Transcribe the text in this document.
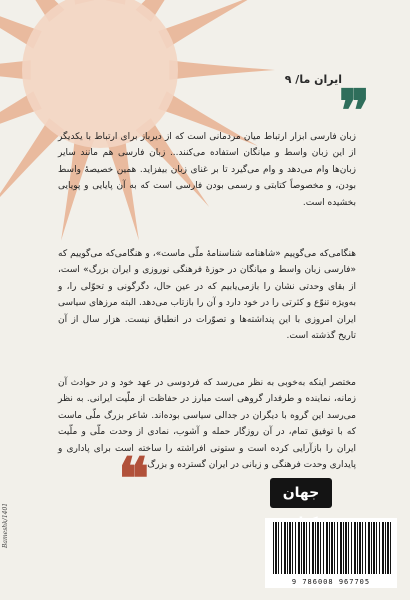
ایران ما/ ۹
❞

زبان فارسی ابزار ارتباط میان مردمانی است که از دیرباز برای ارتباط با یکدیگر از این زبان واسط و میانگان استفاده می‌کنند... زبان فارسی هم مانند سایر زبان‌ها وام می‌دهد و وام می‌گیرد تا بر غنای زبان بیفزاید. همین خصیصهٔ واسط بودن، و مخصوصاً کتابتی و رسمی بودن فارسی است که به آن پایایی و پویایی بخشیده است.

هنگامی‌که می‌گوییم «شاهنامه شناسنامهٔ ملّی ماست»، و هنگامی‌که می‌گوییم که «فارسی زبان واسط و میانگان در حوزهٔ فرهنگی نوروزی و ایران بزرگ» است، از بقای وحدتی نشان را بازمی‌یابیم که در عین حال، دگرگونی و تحوّلی را، و به‌ویژه تنوّع و کثرتی را در خود دارد و آن را بازتاب می‌دهد. البته مرزهای سیاسی ایران امروزی با این پنداشته‌ها و تصوّرات در انطباق نیست. هزار سال از آن تاریخ گذشته است.

مختصر اینکه به‌خوبی به نظر می‌رسد که فردوسی در عهد خود و در حوادث آن زمانه، نماینده و طرفدار گروهی است مبارز در حفاظت از ملّیت ایرانی. به نظر می‌رسد این گروه با دیگران در جدالی سیاسی بوده‌اند. شاعر بزرگ ملّی ماست که با توفیق تمام، در آن روزگار حمله و آشوب، نمادی از وحدت ملّی و ملّیت ایران را بازآرایی کرده است و ستونی افراشته را ساخته است برای پاداری و پایداری وحدت فرهنگی و زبانی در ایران گسترده و بزرگ.

❝	جهان
9 786008 967705
Bameshk/1401
